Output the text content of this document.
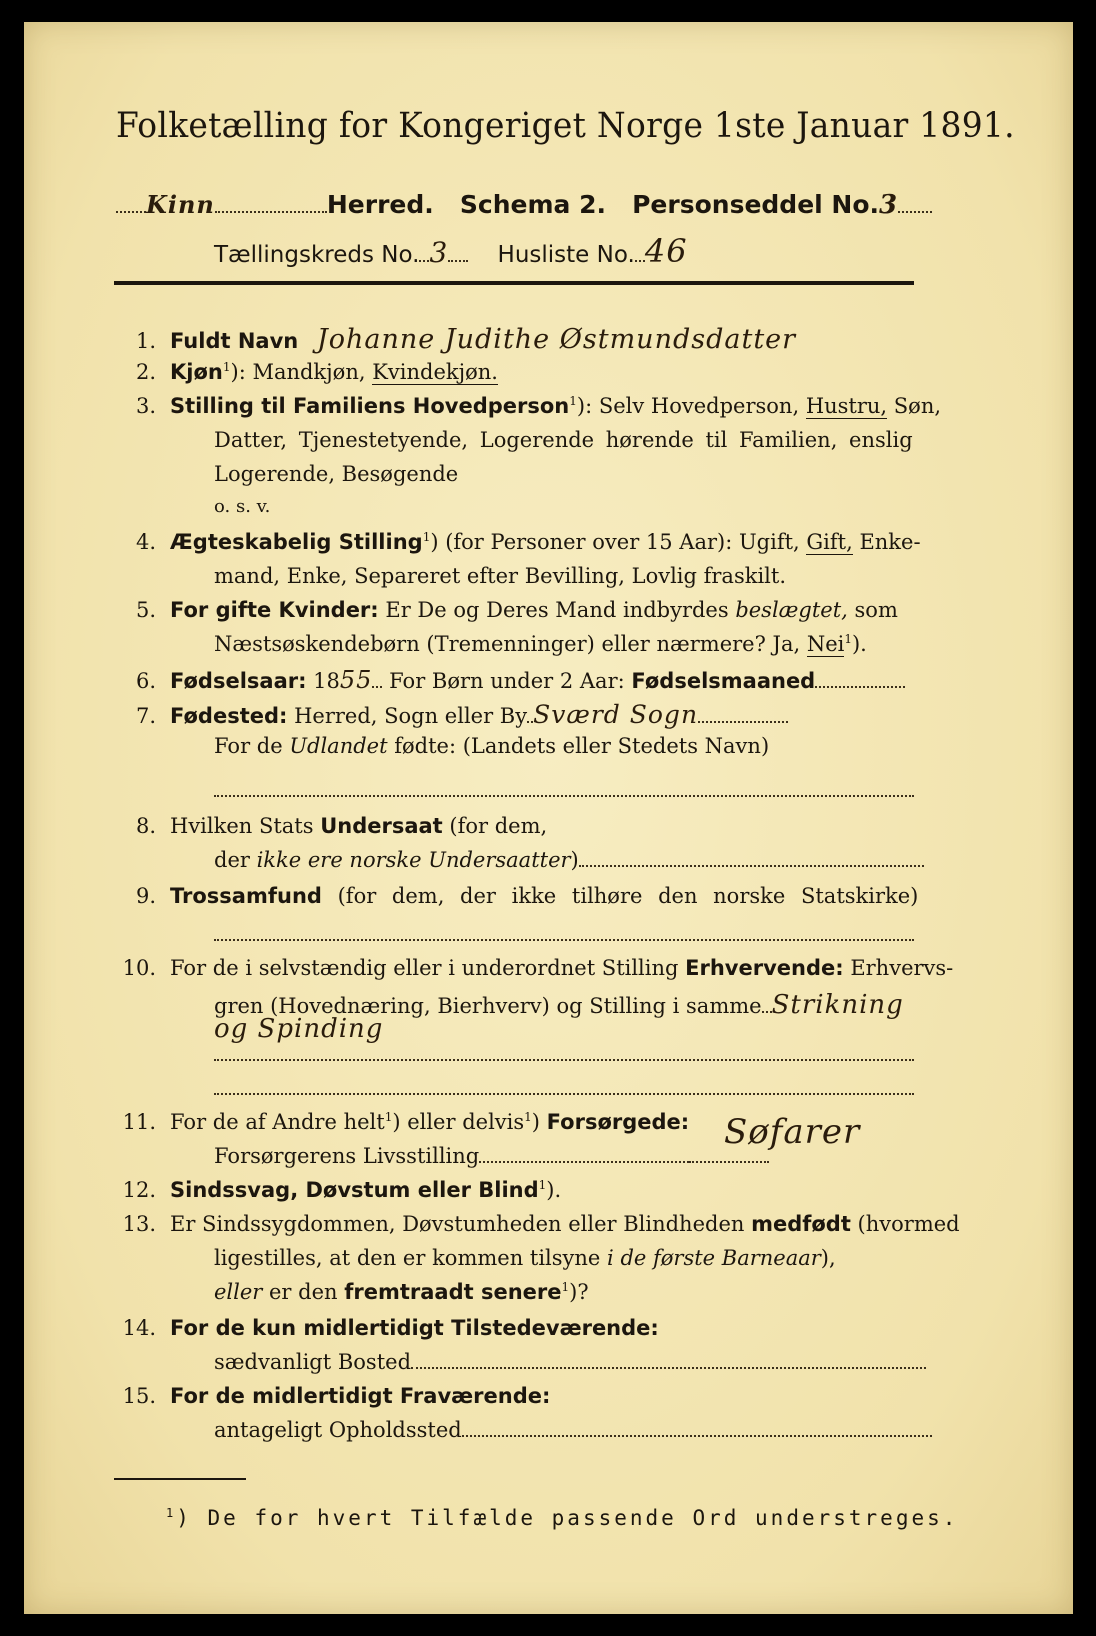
Folketælling for Kongeriget Norge 1ste Januar 1891.
Kinn	Herred. Schema 2. Personseddel No.3
Tællingskreds No. 3 Husliste No. 46
1. Fuldt Navn Johanne Judithe Østmundsdatter
2. Kjøn$^1$): Mandkjøn, Kvindekjøn.
3. Stilling til Familiens Hovedperson$^1$): Selv Hovedperson, Hustru, Søn,
Datter, Tjenestetyende, Logerende hørende til Familien, enslig
Logerende, Besøgende
o. s. v.
4. Ægteskabelig Stilling$^1$) (for Personer over 15 Aar): Ugift, Gift, Enke-
mand, Enke, Separeret efter Bevilling, Lovlig fraskilt.
5. For gifte Kvinder: Er De og Deres Mand indbyrdes beslægtet, som
Næstsøskendebørn (Tremenninger) eller nærmere? Ja, Nei$^1$).
6. Fødselsaar: 1855 For Børn under 2 Aar: Fødselsmaaned
7. Fødested: Herred, Sogn eller By Sværd Sogn
For de Udlandet fødte: (Landets eller Stedets Navn)
8. Hvilken Stats Undersaat (for dem,
der ikke ere norske Undersaatter)
9. Trossamfund (for dem, der ikke tilhøre den norske Statskirke)
10. For de i selvstændig eller i underordnet Stilling Erhvervende: Erhvervs-
gren (Hovednæring, Bierhverv) og Stilling i samme Strikning
og Spinding
11. For de af Andre helt$^1$) eller delvis$^1$) Forsørgede:
Forsørgerens Livsstilling
Søfarer
12. Sindssvag, Døvstum eller Blind$^1$).
13. Er Sindssygdommen, Døvstumheden eller Blindheden medfødt (hvormed
ligestilles, at den er kommen tilsyne i de første Barneaar),
eller er den fremtraadt senere$^1$)?
14. For de kun midlertidigt Tilstedeværende:
sædvanligt Bosted
15. For de midlertidigt Fraværende:
antageligt Opholdssted
$^1$) De for hvert Tilfælde passende Ord understreges.
